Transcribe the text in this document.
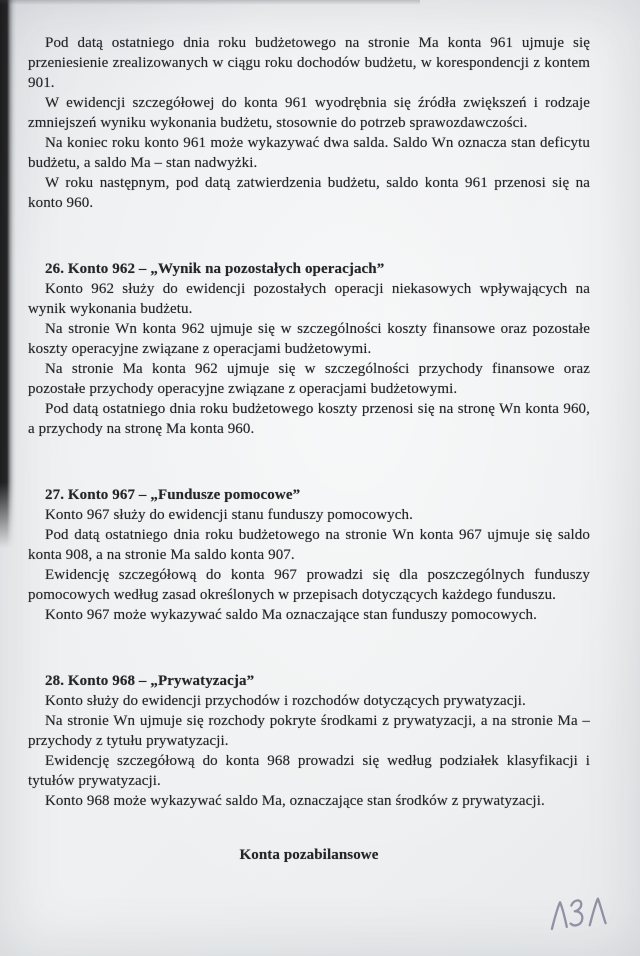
Pod datą ostatniego dnia roku budżetowego na stronie Ma konta 961 ujmuje się przeniesienie zrealizowanych w ciągu roku dochodów budżetu, w korespondencji z kontem 901.

W ewidencji szczegółowej do konta 961 wyodrębnia się źródła zwiększeń i rodzaje zmniejszeń wyniku wykonania budżetu, stosownie do potrzeb sprawozdawczości.

Na koniec roku konto 961 może wykazywać dwa salda. Saldo Wn oznacza stan deficytu budżetu, a saldo Ma – stan nadwyżki.

W roku następnym, pod datą zatwierdzenia budżetu, saldo konta 961 przenosi się na konto 960.

26. Konto 962 – „Wynik na pozostałych operacjach”

Konto 962 służy do ewidencji pozostałych operacji niekasowych wpływających na wynik wykonania budżetu.

Na stronie Wn konta 962 ujmuje się w szczególności koszty finansowe oraz pozostałe koszty operacyjne związane z operacjami budżetowymi.

Na stronie Ma konta 962 ujmuje się w szczególności przychody finansowe oraz pozostałe przychody operacyjne związane z operacjami budżetowymi.

Pod datą ostatniego dnia roku budżetowego koszty przenosi się na stronę Wn konta 960, a przychody na stronę Ma konta 960.

27. Konto 967 – „Fundusze pomocowe”

Konto 967 służy do ewidencji stanu funduszy pomocowych.

Pod datą ostatniego dnia roku budżetowego na stronie Wn konta 967 ujmuje się saldo konta 908, a na stronie Ma saldo konta 907.

Ewidencję szczegółową do konta 967 prowadzi się dla poszczególnych funduszy pomocowych według zasad określonych w przepisach dotyczących każdego funduszu.

Konto 967 może wykazywać saldo Ma oznaczające stan funduszy pomocowych.

28. Konto 968 – „Prywatyzacja”

Konto służy do ewidencji przychodów i rozchodów dotyczących prywatyzacji.

Na stronie Wn ujmuje się rozchody pokryte środkami z prywatyzacji, a na stronie Ma – przychody z tytułu prywatyzacji.

Ewidencję szczegółową do konta 968 prowadzi się według podziałek klasyfikacji i tytułów prywatyzacji.

Konto 968 może wykazywać saldo Ma, oznaczające stan środków z prywatyzacji.

Konta pozabilansowe
